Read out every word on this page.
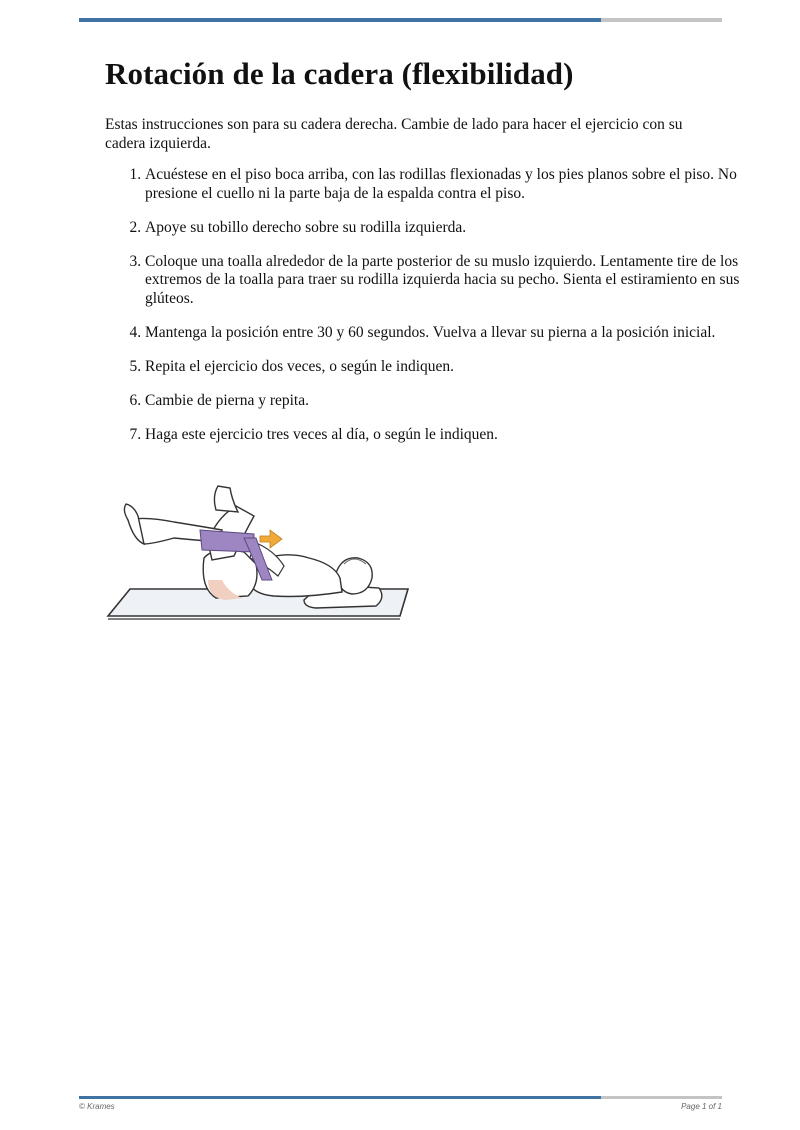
Rotación de la cadera (flexibilidad)

Estas instrucciones son para su cadera derecha. Cambie de lado para hacer el ejercicio con su cadera izquierda.

1. Acuéstese en el piso boca arriba, con las rodillas flexionadas y los pies planos sobre el piso. No presione el cuello ni la parte baja de la espalda contra el piso.
2. Apoye su tobillo derecho sobre su rodilla izquierda.
3. Coloque una toalla alrededor de la parte posterior de su muslo izquierdo. Lentamente tire de los extremos de la toalla para traer su rodilla izquierda hacia su pecho. Sienta el estiramiento en sus glúteos.
4. Mantenga la posición entre 30 y 60 segundos. Vuelva a llevar su pierna a la posición inicial.
5. Repita el ejercicio dos veces, o según le indiquen.
6. Cambie de pierna y repita.
7. Haga este ejercicio tres veces al día, o según le indiquen.
© Krames	Page 1 of 1
